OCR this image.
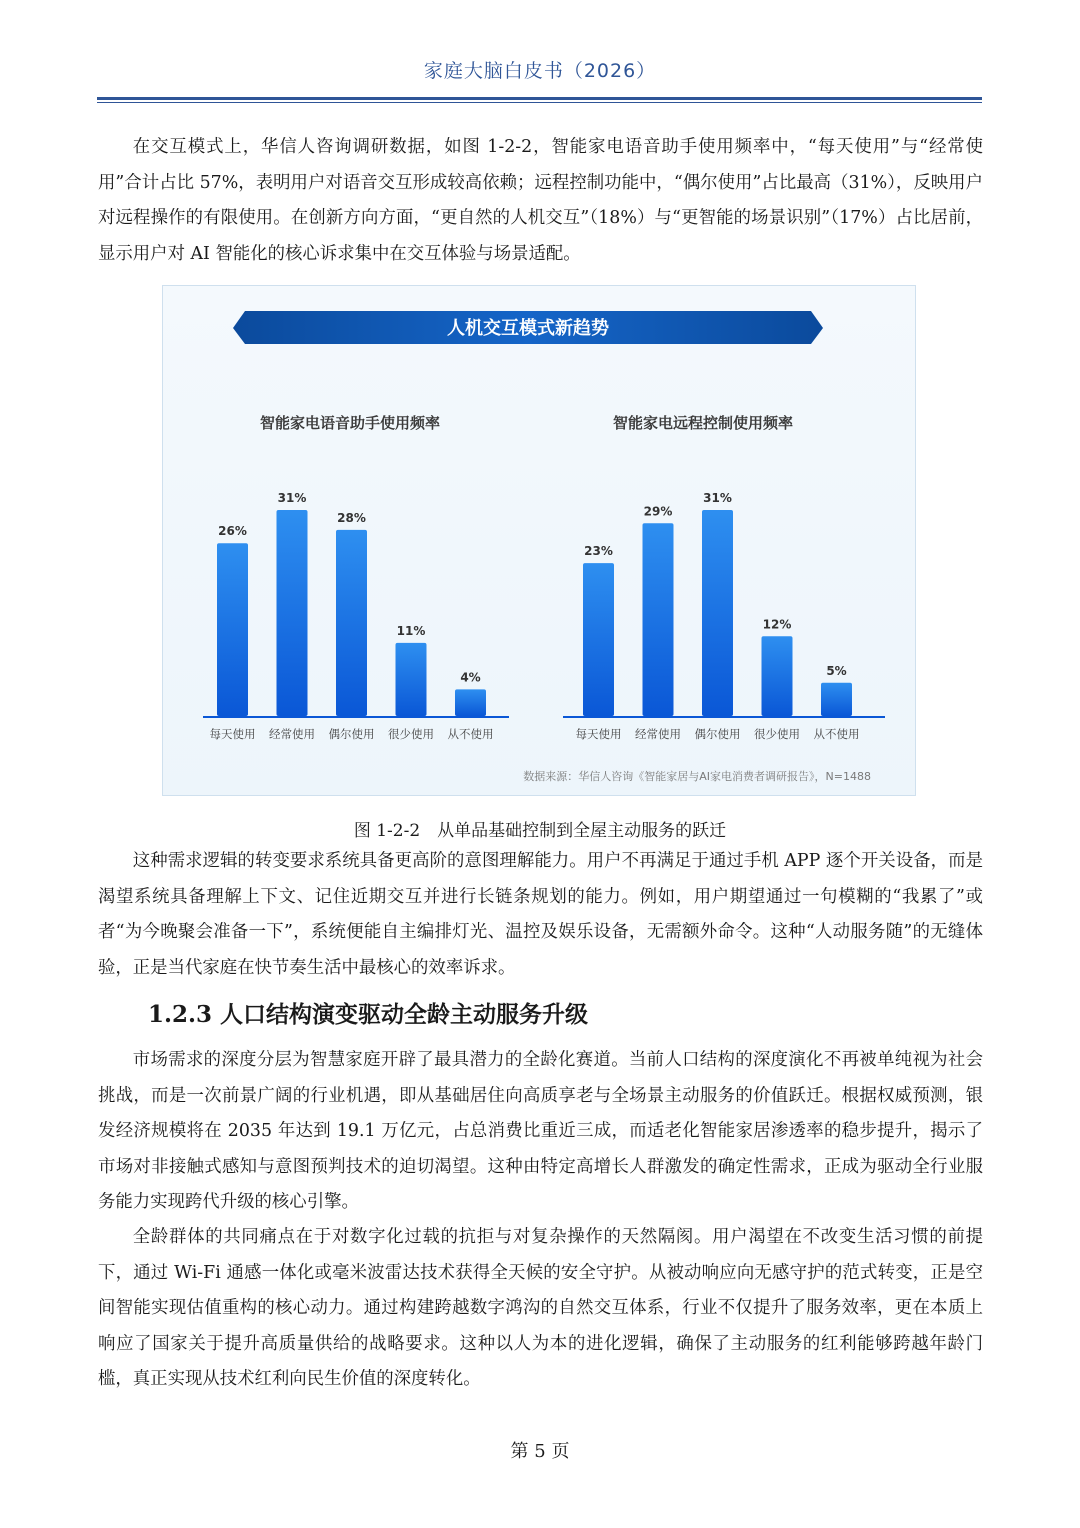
家庭大脑白皮书（2026）

在交互模式上，华信人咨询调研数据，如图 1-2-2，智能家电语音助手使用频率中，“每天使用”与“经常使用”合计占比 57%，表明用户对语音交互形成较高依赖；远程控制功能中，“偶尔使用”占比最高（31%），反映用户对远程操作的有限使用。在创新方向方面，“更自然的人机交互”（18%）与“更智能的场景识别”（17%）占比居前，显示用户对 AI 智能化的核心诉求集中在交互体验与场景适配。

人机交互模式新趋势
智能家电语音助手使用频率
26%
每天使用
31%
经常使用
28%
偶尔使用
11%
很少使用
4%
从不使用
智能家电远程控制使用频率
23%
每天使用
29%
经常使用
31%
偶尔使用
12%
很少使用
5%
从不使用
数据来源：华信人咨询《智能家居与AI家电消费者调研报告》，N=1488
图 1-2-2　从单品基础控制到全屋主动服务的跃迁

这种需求逻辑的转变要求系统具备更高阶的意图理解能力。用户不再满足于通过手机 APP 逐个开关设备，而是渴望系统具备理解上下文、记住近期交互并进行长链条规划的能力。例如，用户期望通过一句模糊的“我累了”或者“为今晚聚会准备一下”，系统便能自主编排灯光、温控及娱乐设备，无需额外命令。这种“人动服务随”的无缝体验，正是当代家庭在快节奏生活中最核心的效率诉求。

1.2.3 人口结构演变驱动全龄主动服务升级

市场需求的深度分层为智慧家庭开辟了最具潜力的全龄化赛道。当前人口结构的深度演化不再被单纯视为社会挑战，而是一次前景广阔的行业机遇，即从基础居住向高质享老与全场景主动服务的价值跃迁。根据权威预测，银发经济规模将在 2035 年达到 19.1 万亿元，占总消费比重近三成，而适老化智能家居渗透率的稳步提升，揭示了市场对非接触式感知与意图预判技术的迫切渴望。这种由特定高增长人群激发的确定性需求，正成为驱动全行业服务能力实现跨代升级的核心引擎。

全龄群体的共同痛点在于对数字化过载的抗拒与对复杂操作的天然隔阂。用户渴望在不改变生活习惯的前提下，通过 Wi-Fi 通感一体化或毫米波雷达技术获得全天候的安全守护。从被动响应向无感守护的范式转变，正是空间智能实现估值重构的核心动力。通过构建跨越数字鸿沟的自然交互体系，行业不仅提升了服务效率，更在本质上响应了国家关于提升高质量供给的战略要求。这种以人为本的进化逻辑，确保了主动服务的红利能够跨越年龄门槛，真正实现从技术红利向民生价值的深度转化。

第 5 页
